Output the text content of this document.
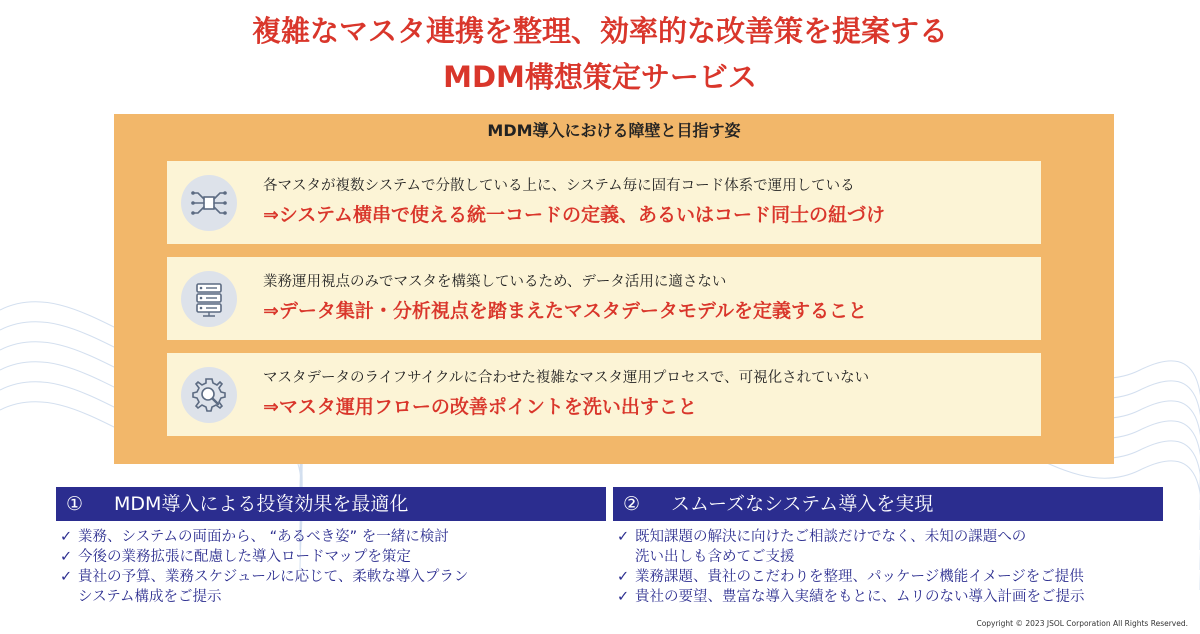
複雑なマスタ連携を整理、効率的な改善策を提案する
MDM構想策定サービス
MDM導入における障壁と目指す姿
各マスタが複数システムで分散している上に、システム毎に固有コード体系で運用している
⇒システム横串で使える統一コードの定義、あるいはコード同士の紐づけ
業務運用視点のみでマスタを構築しているため、データ活用に適さない
⇒データ集計・分析視点を踏まえたマスタデータモデルを定義すること
マスタデータのライフサイクルに合わせた複雑なマスタ運用プロセスで、可視化されていない
⇒マスタ運用フローの改善ポイントを洗い出すこと
① MDM導入による投資効果を最適化
✓ 業務、システムの両面から、 “あるべき姿” を一緒に検討
✓ 今後の業務拡張に配慮した導入ロードマップを策定
✓ 貴社の予算、業務スケジュールに応じて、柔軟な導入プラン
システム構成をご提示
② スムーズなシステム導入を実現
✓ 既知課題の解決に向けたご相談だけでなく、未知の課題への
洗い出しも含めてご支援
✓ 業務課題、貴社のこだわりを整理、パッケージ機能イメージをご提供
✓ 貴社の要望、豊富な導入実績をもとに、ムリのない導入計画をご提示
Copyright © 2023 JSOL Corporation All Rights Reserved.
